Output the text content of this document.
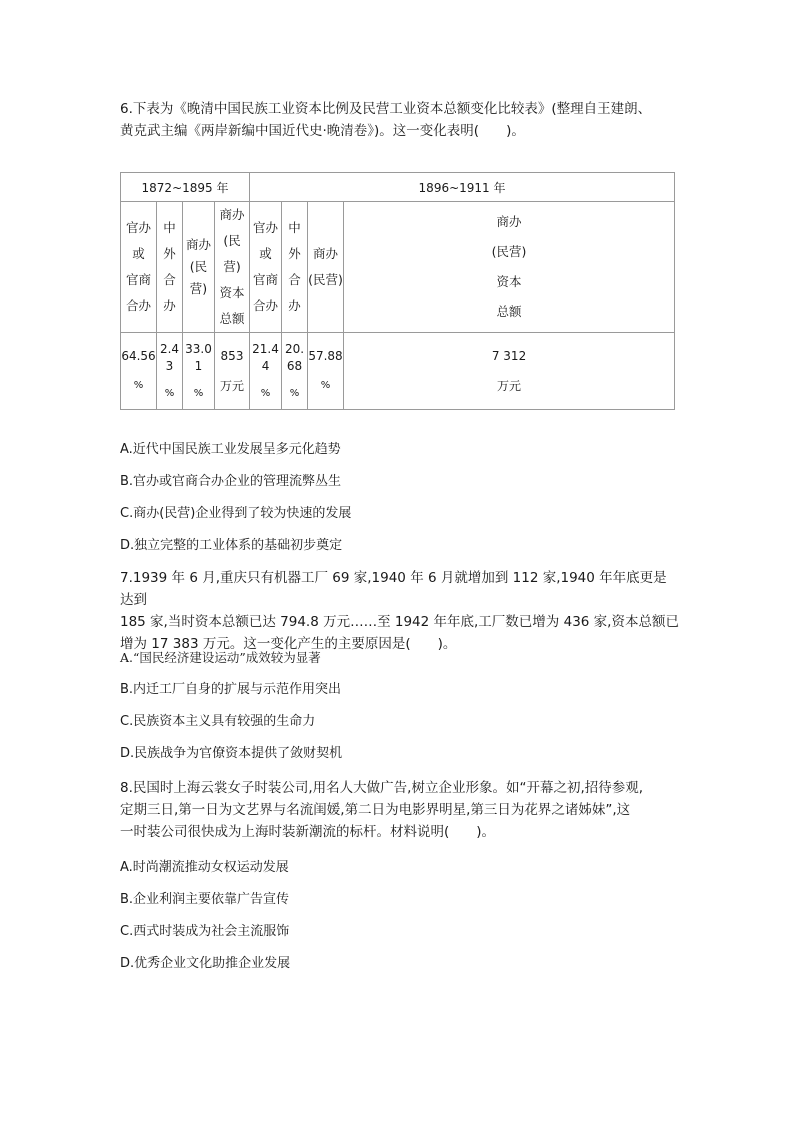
6.下表为《晚清中国民族工业资本比例及民营工业资本总额变化比较表》(整理自王建朗、
黄克武主编《两岸新编中国近代史·晚清卷》)。这一变化表明(　　)。

1872~1895 年				1896~1911 年			

官办
或
官商
合办	中
外
合
办	商办
(民
营)	商办
(民营)
资本
总额	官办
或
官商
合办	中
外
合
办	商办
(民营)	商办
(民营)
资本
总额

64.56
%	2.4
3
%	33.0
1
%	853
万元	21.4
4
%	20.
68
%	57.88
%	7 312
万元

A.近代中国民族工业发展呈多元化趋势

B.官办或官商合办企业的管理流弊丛生

C.商办(民营)企业得到了较为快速的发展

D.独立完整的工业体系的基础初步奠定

7.1939 年 6 月,重庆只有机器工厂 69 家,1940 年 6 月就增加到 112 家,1940 年年底更是达到
185 家,当时资本总额已达 794.8 万元……至 1942 年年底,工厂数已增为 436 家,资本总额已
增为 17 383 万元。这一变化产生的主要原因是(　　)。

A.“国民经济建设运动”成效较为显著

B.内迁工厂自身的扩展与示范作用突出

C.民族资本主义具有较强的生命力

D.民族战争为官僚资本提供了敛财契机

8.民国时上海云裳女子时装公司,用名人大做广告,树立企业形象。如“开幕之初,招待参观,
定期三日,第一日为文艺界与名流闺媛,第二日为电影界明星,第三日为花界之诸姊妹”,这
一时装公司很快成为上海时装新潮流的标杆。材料说明(　　)。

A.时尚潮流推动女权运动发展

B.企业利润主要依靠广告宣传

C.西式时装成为社会主流服饰

D.优秀企业文化助推企业发展
